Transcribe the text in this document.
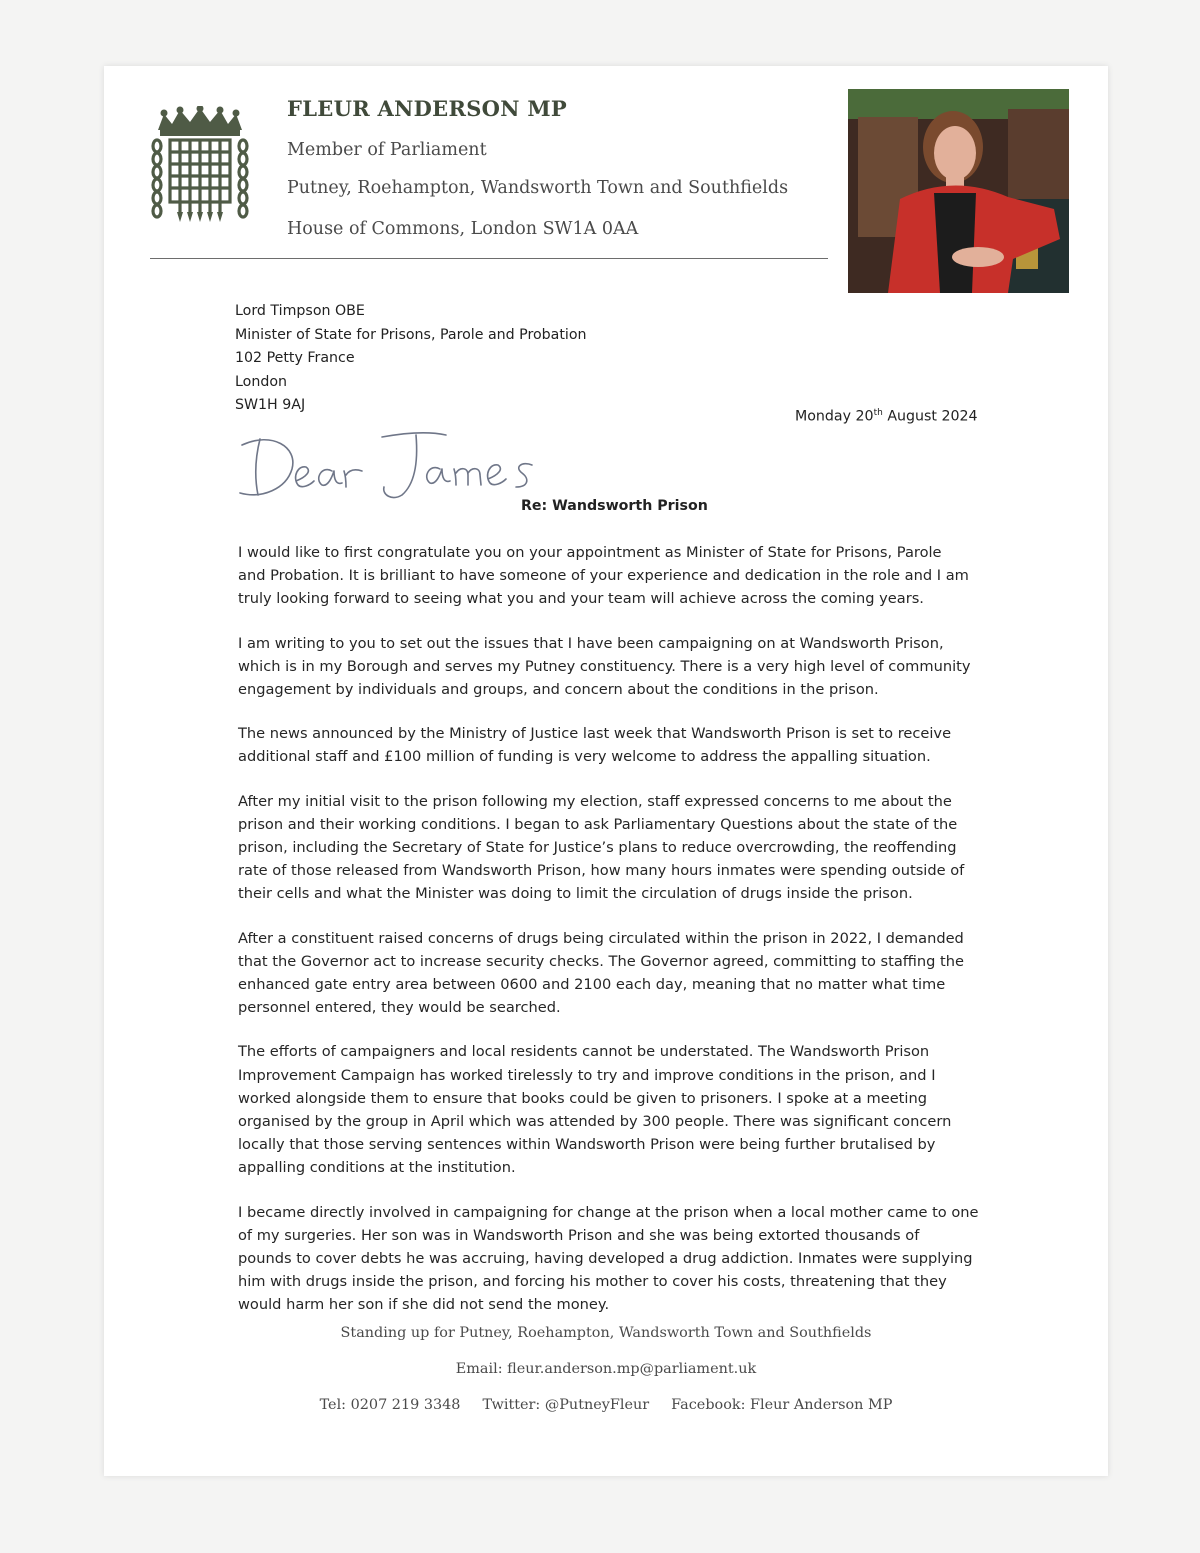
FLEUR ANDERSON MP
Member of Parliament
Putney, Roehampton, Wandsworth Town and Southfields
House of Commons, London SW1A 0AA
Lord Timpson OBE
Minister of State for Prisons, Parole and Probation
102 Petty France
London
SW1H 9AJ
Monday 20th August 2024
Re: Wandsworth Prison
I would like to first congratulate you on your appointment as Minister of State for Prisons, Parole
and Probation. It is brilliant to have someone of your experience and dedication in the role and I am
truly looking forward to seeing what you and your team will achieve across the coming years.
I am writing to you to set out the issues that I have been campaigning on at Wandsworth Prison,
which is in my Borough and serves my Putney constituency. There is a very high level of community
engagement by individuals and groups, and concern about the conditions in the prison.
The news announced by the Ministry of Justice last week that Wandsworth Prison is set to receive
additional staff and £100 million of funding is very welcome to address the appalling situation.
After my initial visit to the prison following my election, staff expressed concerns to me about the
prison and their working conditions. I began to ask Parliamentary Questions about the state of the
prison, including the Secretary of State for Justice’s plans to reduce overcrowding, the reoffending
rate of those released from Wandsworth Prison, how many hours inmates were spending outside of
their cells and what the Minister was doing to limit the circulation of drugs inside the prison.
After a constituent raised concerns of drugs being circulated within the prison in 2022, I demanded
that the Governor act to increase security checks. The Governor agreed, committing to staffing the
enhanced gate entry area between 0600 and 2100 each day, meaning that no matter what time
personnel entered, they would be searched.
The efforts of campaigners and local residents cannot be understated. The Wandsworth Prison
Improvement Campaign has worked tirelessly to try and improve conditions in the prison, and I
worked alongside them to ensure that books could be given to prisoners. I spoke at a meeting
organised by the group in April which was attended by 300 people. There was significant concern
locally that those serving sentences within Wandsworth Prison were being further brutalised by
appalling conditions at the institution.
I became directly involved in campaigning for change at the prison when a local mother came to one
of my surgeries. Her son was in Wandsworth Prison and she was being extorted thousands of
pounds to cover debts he was accruing, having developed a drug addiction. Inmates were supplying
him with drugs inside the prison, and forcing his mother to cover his costs, threatening that they
would harm her son if she did not send the money.
Standing up for Putney, Roehampton, Wandsworth Town and Southfields
Email: fleur.anderson.mp@parliament.uk
Tel: 0207 219 3348 Twitter: @PutneyFleur Facebook: Fleur Anderson MP
